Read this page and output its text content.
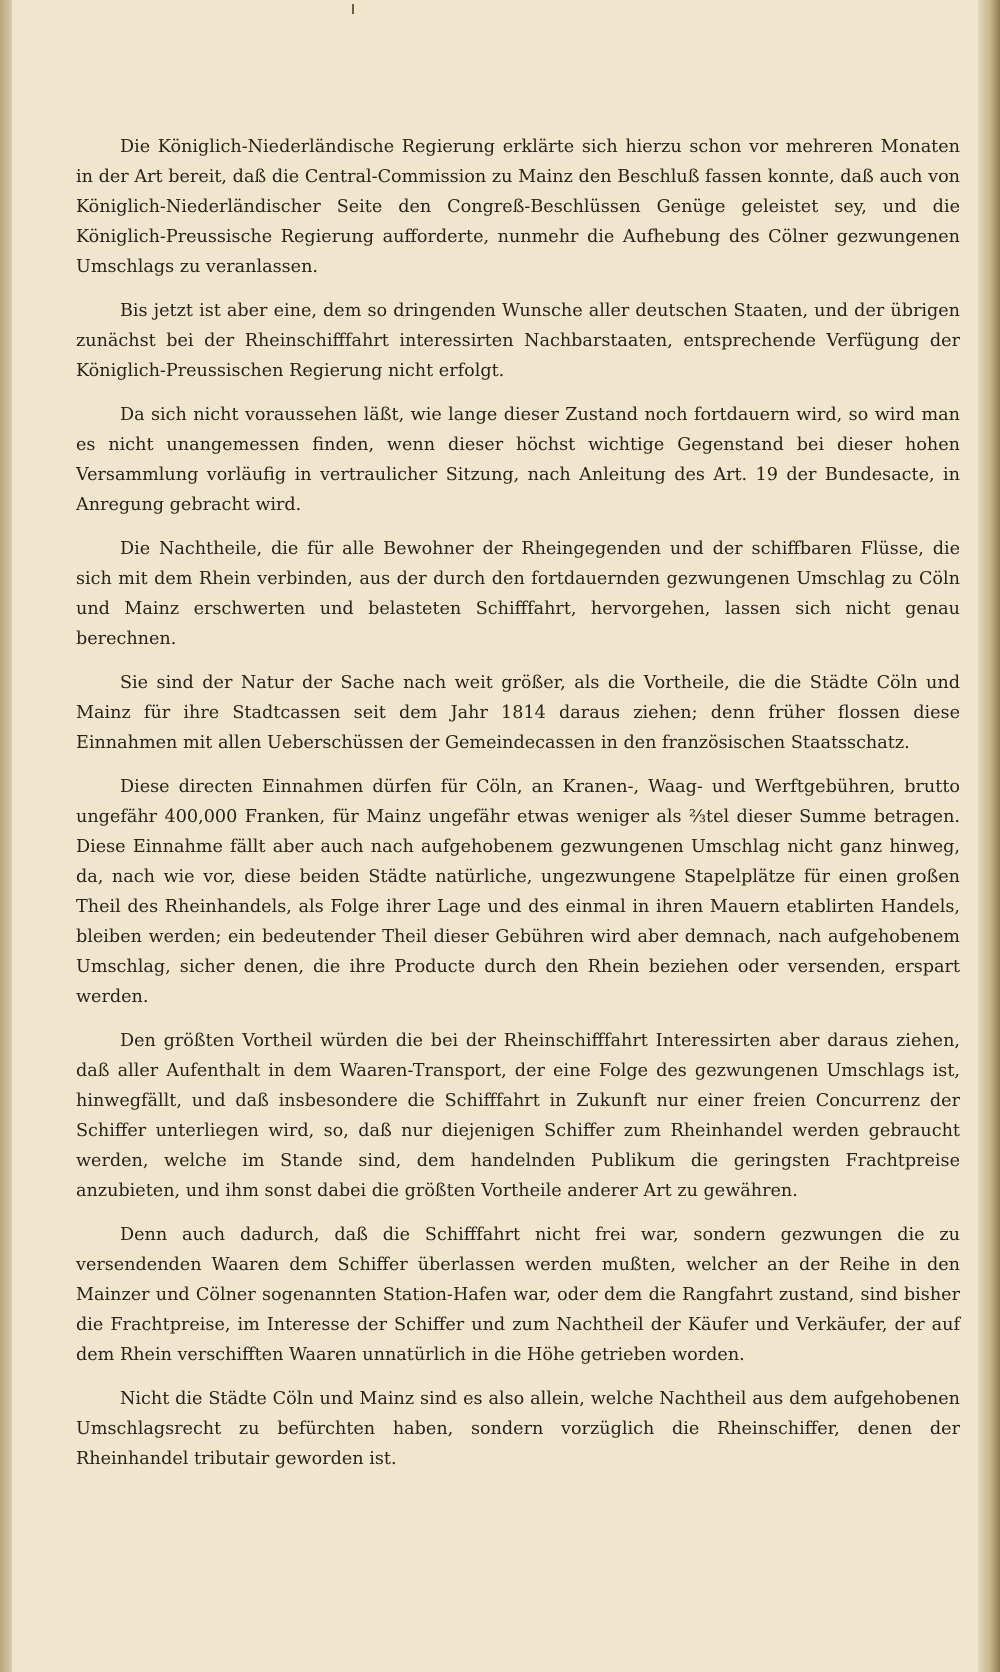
Die Königlich-Niederländische Regierung erklärte sich hierzu schon vor mehreren Monaten in der Art bereit, daß die Central-Commission zu Mainz den Beschluß fassen konnte, daß auch von Königlich-Niederländischer Seite den Congreß-Beschlüssen Genüge geleistet sey, und die Königlich-Preussische Regierung aufforderte, nunmehr die Aufhebung des Cölner gezwungenen Umschlags zu veranlassen.

Bis jetzt ist aber eine, dem so dringenden Wunsche aller deutschen Staaten, und der übrigen zunächst bei der Rheinschifffahrt interessirten Nachbarstaaten, entsprechende Verfügung der Königlich-Preussischen Regierung nicht erfolgt.

Da sich nicht voraussehen läßt, wie lange dieser Zustand noch fortdauern wird, so wird man es nicht unangemessen finden, wenn dieser höchst wichtige Gegenstand bei dieser hohen Versammlung vorläufig in vertraulicher Sitzung, nach Anleitung des Art. 19 der Bundesacte, in Anregung gebracht wird.

Die Nachtheile, die für alle Bewohner der Rheingegenden und der schiffbaren Flüsse, die sich mit dem Rhein verbinden, aus der durch den fortdauernden gezwungenen Umschlag zu Cöln und Mainz erschwerten und belasteten Schifffahrt, hervorgehen, lassen sich nicht genau berechnen.

Sie sind der Natur der Sache nach weit größer, als die Vortheile, die die Städte Cöln und Mainz für ihre Stadtcassen seit dem Jahr 1814 daraus ziehen; denn früher flossen diese Einnahmen mit allen Ueberschüssen der Gemeindecassen in den französischen Staatsschatz.

Diese directen Einnahmen dürfen für Cöln, an Kranen-, Waag- und Werftgebühren, brutto ungefähr 400,000 Franken, für Mainz ungefähr etwas weniger als ⅔tel dieser Summe betragen. Diese Einnahme fällt aber auch nach aufgehobenem gezwungenen Umschlag nicht ganz hinweg, da, nach wie vor, diese beiden Städte natürliche, ungezwungene Stapelplätze für einen großen Theil des Rheinhandels, als Folge ihrer Lage und des einmal in ihren Mauern etablirten Handels, bleiben werden; ein bedeutender Theil dieser Gebühren wird aber demnach, nach aufgehobenem Umschlag, sicher denen, die ihre Producte durch den Rhein beziehen oder versenden, erspart werden.

Den größten Vortheil würden die bei der Rheinschifffahrt Interessirten aber daraus ziehen, daß aller Aufenthalt in dem Waaren-Transport, der eine Folge des gezwungenen Umschlags ist, hinwegfällt, und daß insbesondere die Schifffahrt in Zukunft nur einer freien Concurrenz der Schiffer unterliegen wird, so, daß nur diejenigen Schiffer zum Rheinhandel werden gebraucht werden, welche im Stande sind, dem handelnden Publikum die geringsten Frachtpreise anzubieten, und ihm sonst dabei die größten Vortheile anderer Art zu gewähren.

Denn auch dadurch, daß die Schifffahrt nicht frei war, sondern gezwungen die zu versendenden Waaren dem Schiffer überlassen werden mußten, welcher an der Reihe in den Mainzer und Cölner sogenannten Station-Hafen war, oder dem die Rangfahrt zustand, sind bisher die Frachtpreise, im Interesse der Schiffer und zum Nachtheil der Käufer und Verkäufer, der auf dem Rhein verschifften Waaren unnatürlich in die Höhe getrieben worden.

Nicht die Städte Cöln und Mainz sind es also allein, welche Nachtheil aus dem aufgehobenen Umschlagsrecht zu befürchten haben, sondern vorzüglich die Rheinschiffer, denen der Rheinhandel tributair geworden ist.
